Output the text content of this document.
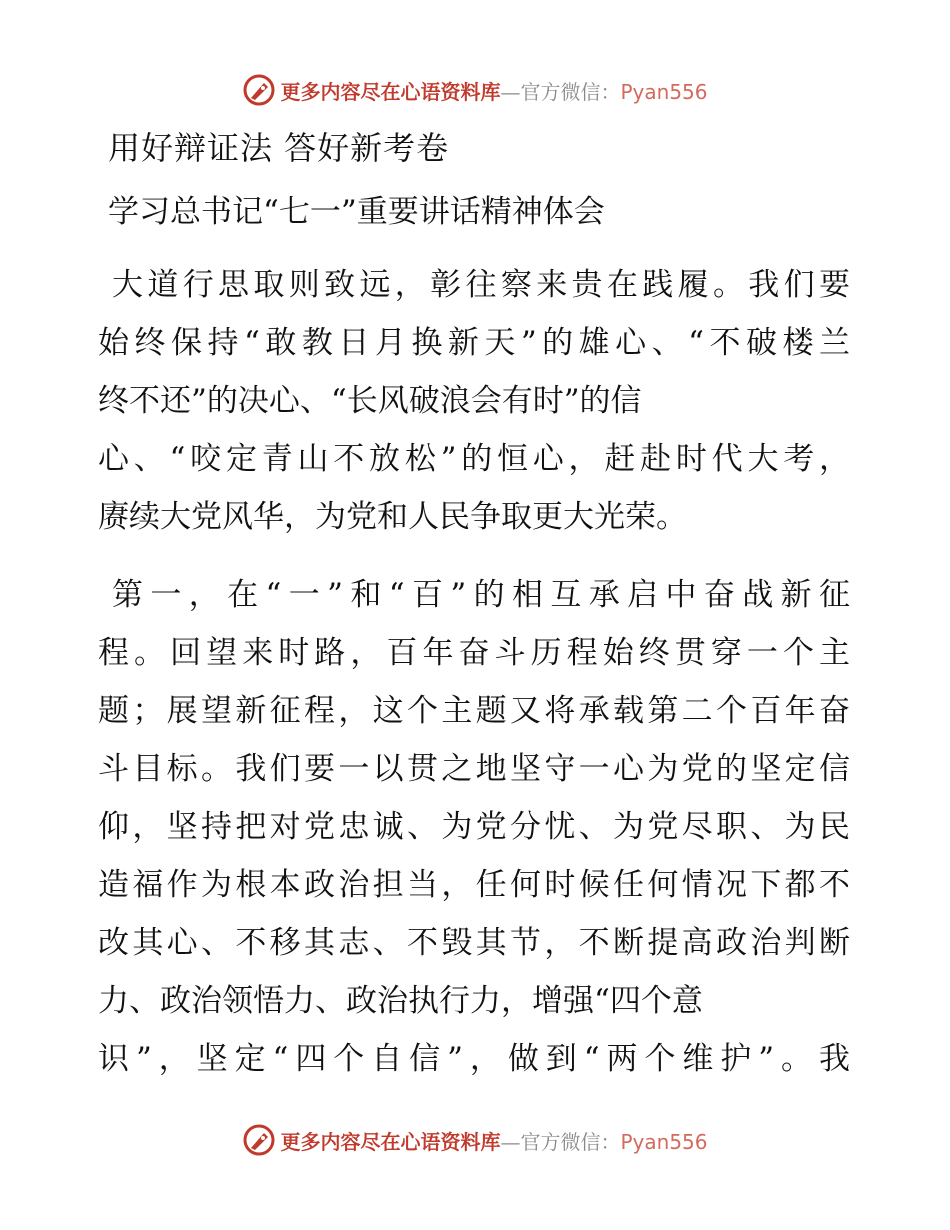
更多内容尽在心语资料库—官方微信：Pyan556
用好辩证法 答好新考卷
学习总书记“七一”重要讲话精神体会
大道行思取则致远，彰往察来贵在践履。我们要
始终保持“敢教日月换新天”的雄心、“不破楼兰
终不还”的决心、“长风破浪会有时”的信
心、“咬定青山不放松”的恒心，赶赴时代大考，
赓续大党风华，为党和人民争取更大光荣。
第一，在“一”和“百”的相互承启中奋战新征
程。回望来时路，百年奋斗历程始终贯穿一个主
题；展望新征程，这个主题又将承载第二个百年奋
斗目标。我们要一以贯之地坚守一心为党的坚定信
仰，坚持把对党忠诚、为党分忧、为党尽职、为民
造福作为根本政治担当，任何时候任何情况下都不
改其心、不移其志、不毁其节，不断提高政治判断
力、政治领悟力、政治执行力，增强“四个意
识”，坚定“四个自信”，做到“两个维护”。我
更多内容尽在心语资料库—官方微信：Pyan556
